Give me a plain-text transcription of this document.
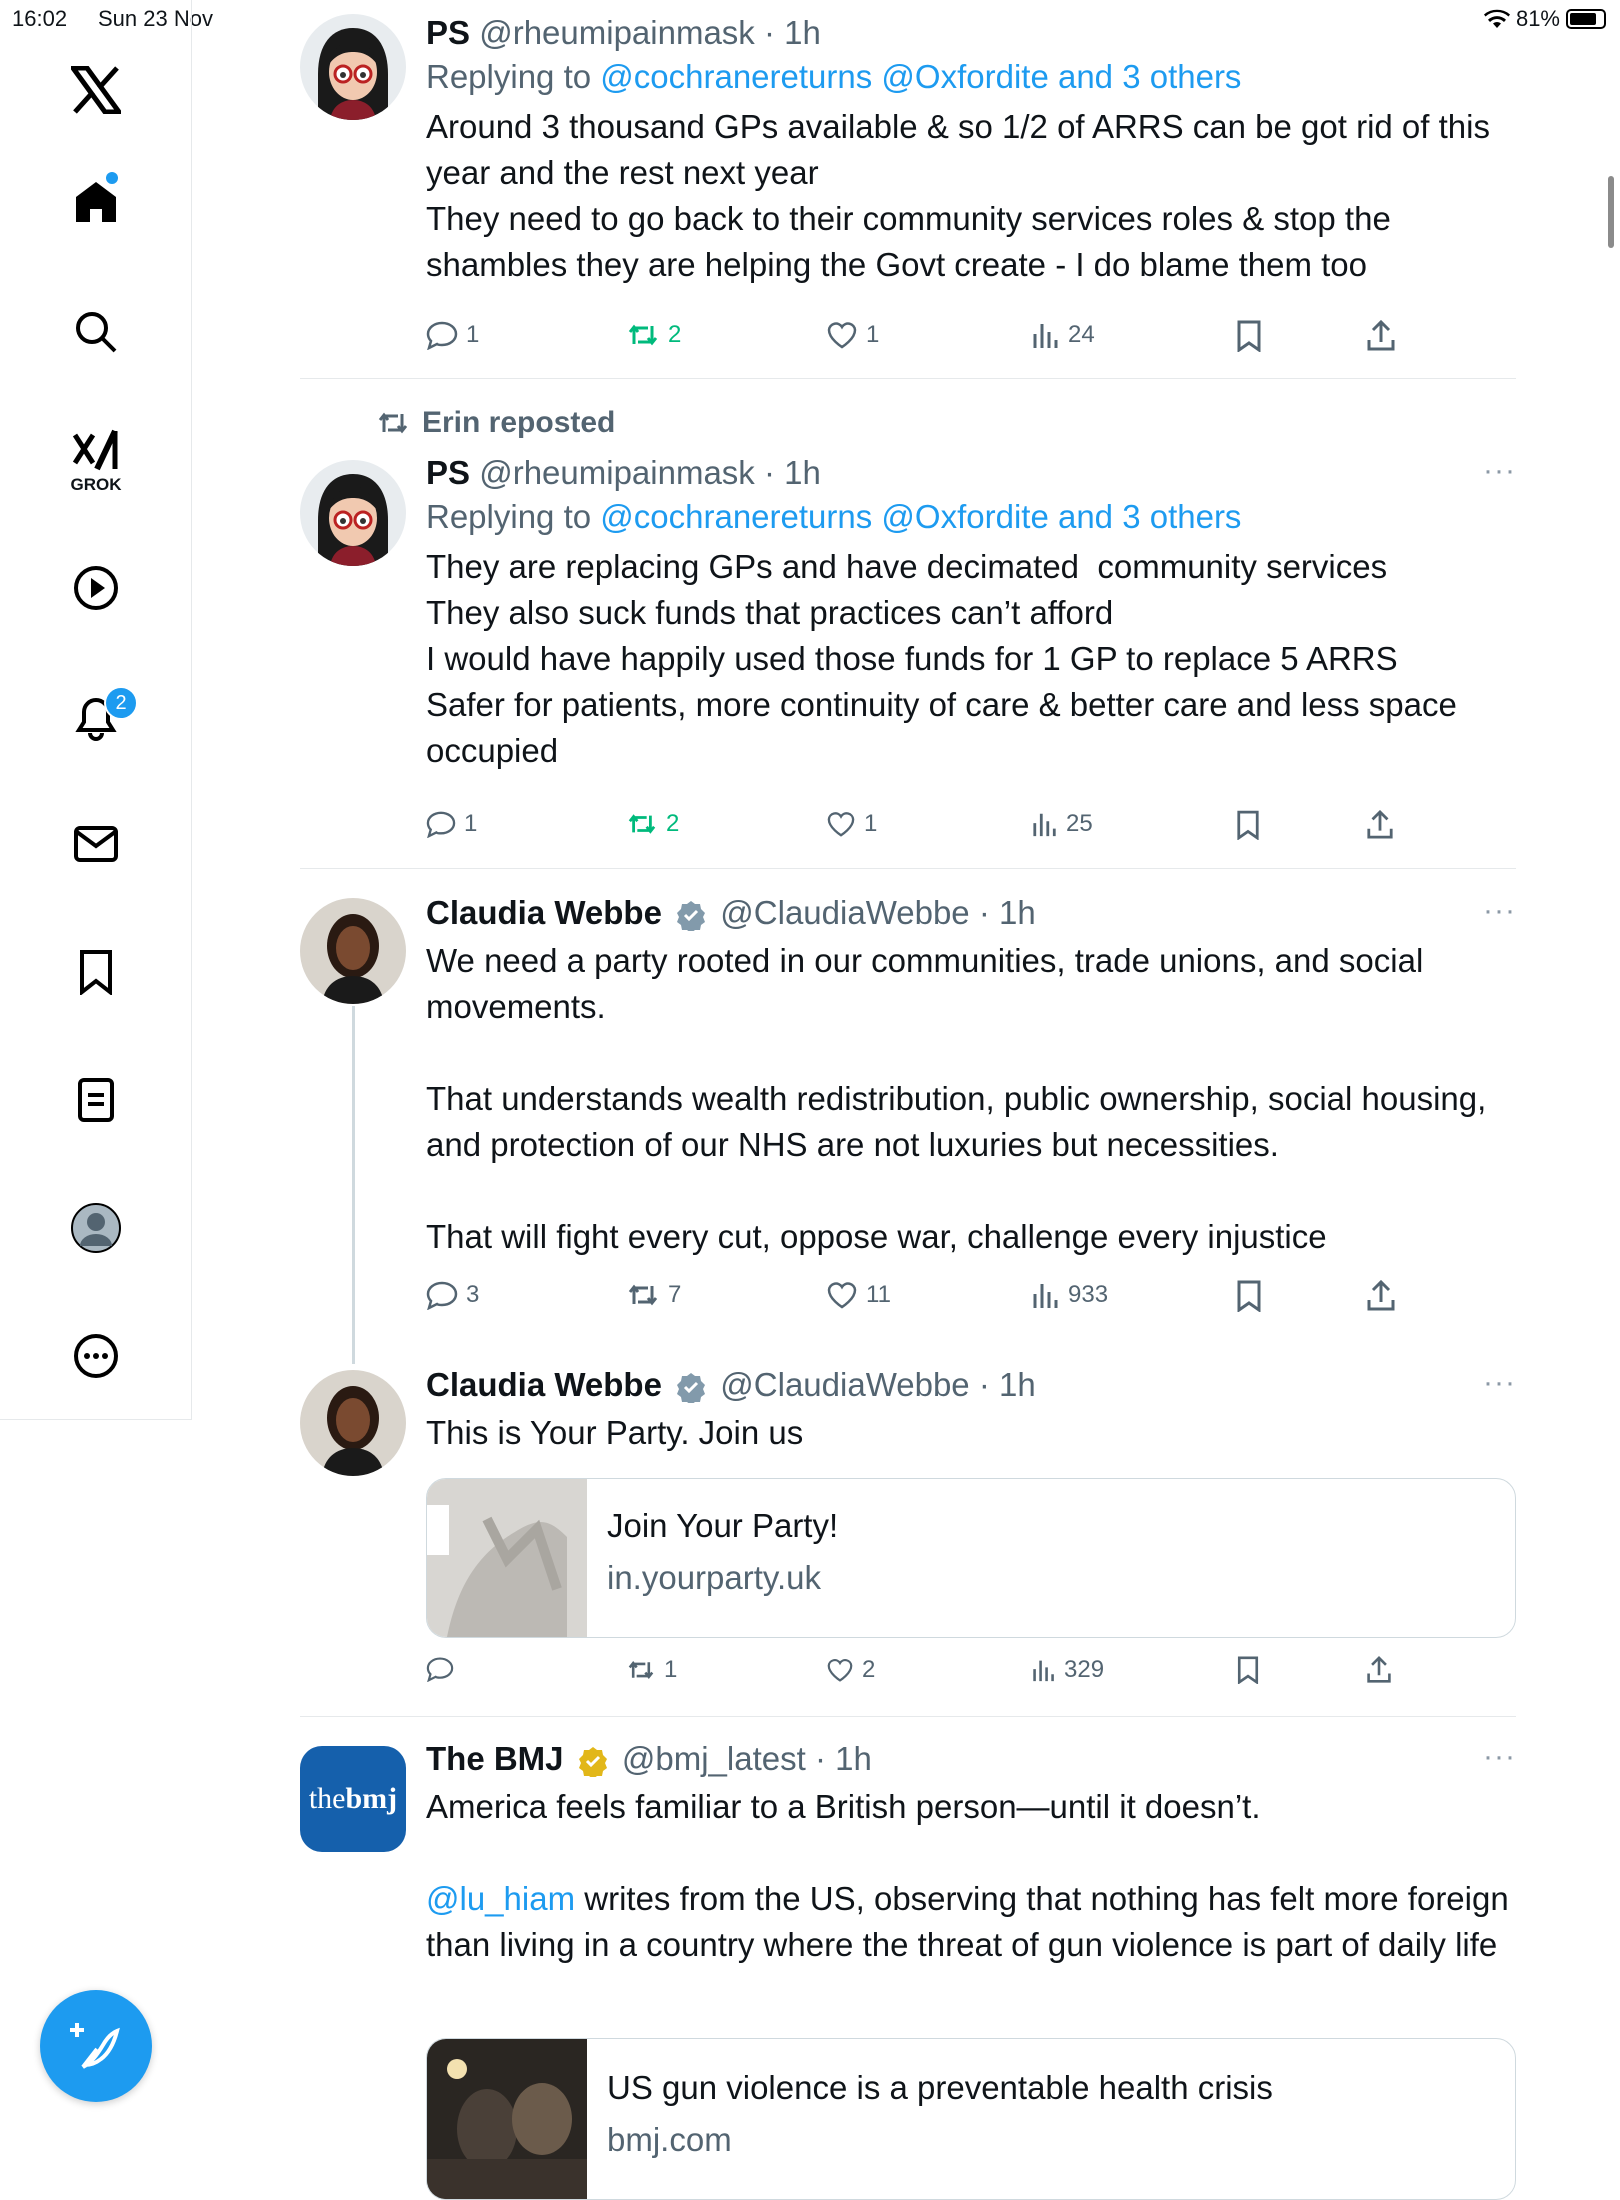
16:02 Sun 23 Nov	81%
GROK
2
PS @rheumipainmask · 1h
Replying to @cochranereturns @Oxfordite and 3 others
Around 3 thousand GPs available & so 1/2 of ARRS can be got rid of this year and the rest next year
They need to go back to their community services roles & stop the shambles they are helping the Govt create - I do blame them too
1	2	1	24
Erin reposted
PS @rheumipainmask · 1h	···
Replying to @cochranereturns @Oxfordite and 3 others
They are replacing GPs and have decimated  community services
They also suck funds that practices can’t afford
I would have happily used those funds for 1 GP to replace 5 ARRS
Safer for patients, more continuity of care & better care and less space occupied
1	2	1	25
Claudia Webbe @ClaudiaWebbe · 1h	···
We need a party rooted in our communities, trade unions, and social movements.

That understands wealth redistribution, public ownership, social housing, and protection of our NHS are not luxuries but necessities.

That will fight every cut, oppose war, challenge every injustice
3	7	11	933
Claudia Webbe @ClaudiaWebbe · 1h	···
This is Your Party. Join us
Join Your Party!
in.yourparty.uk
1	2	329
the bmj
The BMJ @bmj_latest · 1h	···
America feels familiar to a British person—until it doesn’t.

@lu_hiam writes from the US, observing that nothing has felt more foreign than living in a country where the threat of gun violence is part of daily life
US gun violence is a preventable health crisis
bmj.com
